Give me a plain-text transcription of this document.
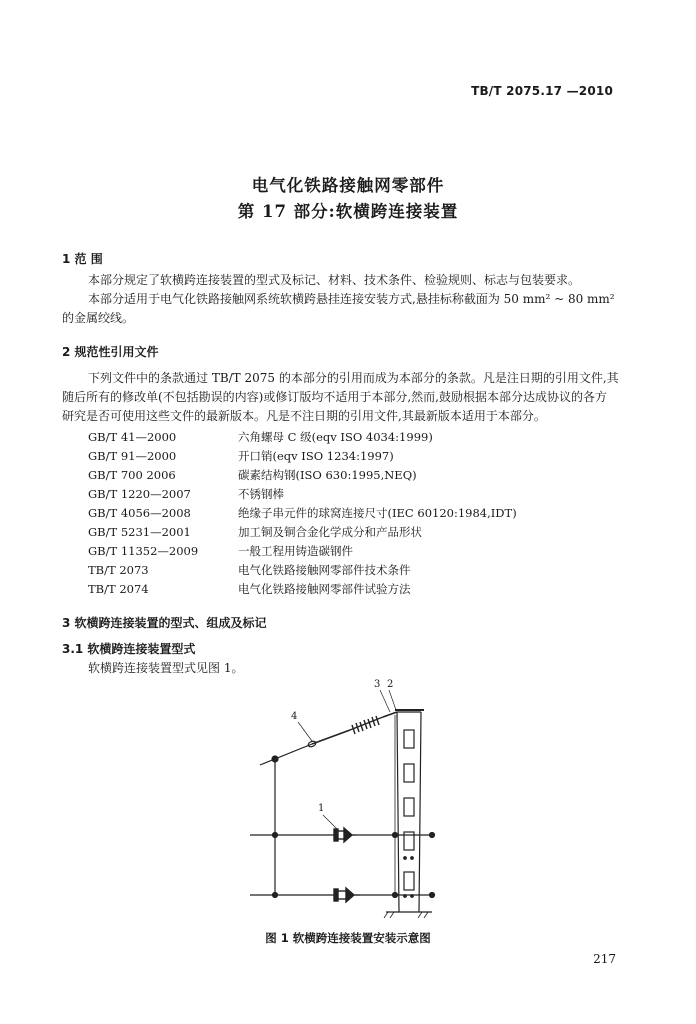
TB/T 2075.17 —2010
电气化铁路接触网零部件
第 17 部分:软横跨连接装置
1 范 围
本部分规定了软横跨连接装置的型式及标记、材料、技术条件、检验规则、标志与包装要求。
本部分适用于电气化铁路接触网系统软横跨悬挂连接安装方式,悬挂标称截面为 50 mm² ~ 80 mm²
的金属绞线。
2 规范性引用文件
下列文件中的条款通过 TB/T 2075 的本部分的引用而成为本部分的条款。凡是注日期的引用文件,其
随后所有的修改单(不包括勘误的内容)或修订版均不适用于本部分,然而,鼓励根据本部分达成协议的各方
研究是否可使用这些文件的最新版本。凡是不注日期的引用文件,其最新版本适用于本部分。
GB/T 41—2000	六角螺母 C 级(eqv ISO 4034:1999)
GB/T 91—2000	开口销(eqv ISO 1234:1997)
GB/T 700 2006	碳素结构钢(ISO 630:1995,NEQ)
GB/T 1220—2007	不锈钢棒
GB/T 4056—2008	绝缘子串元件的球窝连接尺寸(IEC 60120:1984,IDT)
GB/T 5231—2001	加工铜及铜合金化学成分和产品形状
GB/T 11352—2009	一般工程用铸造碳钢件
TB/T 2073	电气化铁路接触网零部件技术条件
TB/T 2074	电气化铁路接触网零部件试验方法
3 软横跨连接装置的型式、组成及标记
3.1 软横跨连接装置型式
软横跨连接装置型式见图 1。
1
2
3
4
图 1 软横跨连接装置安装示意图
217
